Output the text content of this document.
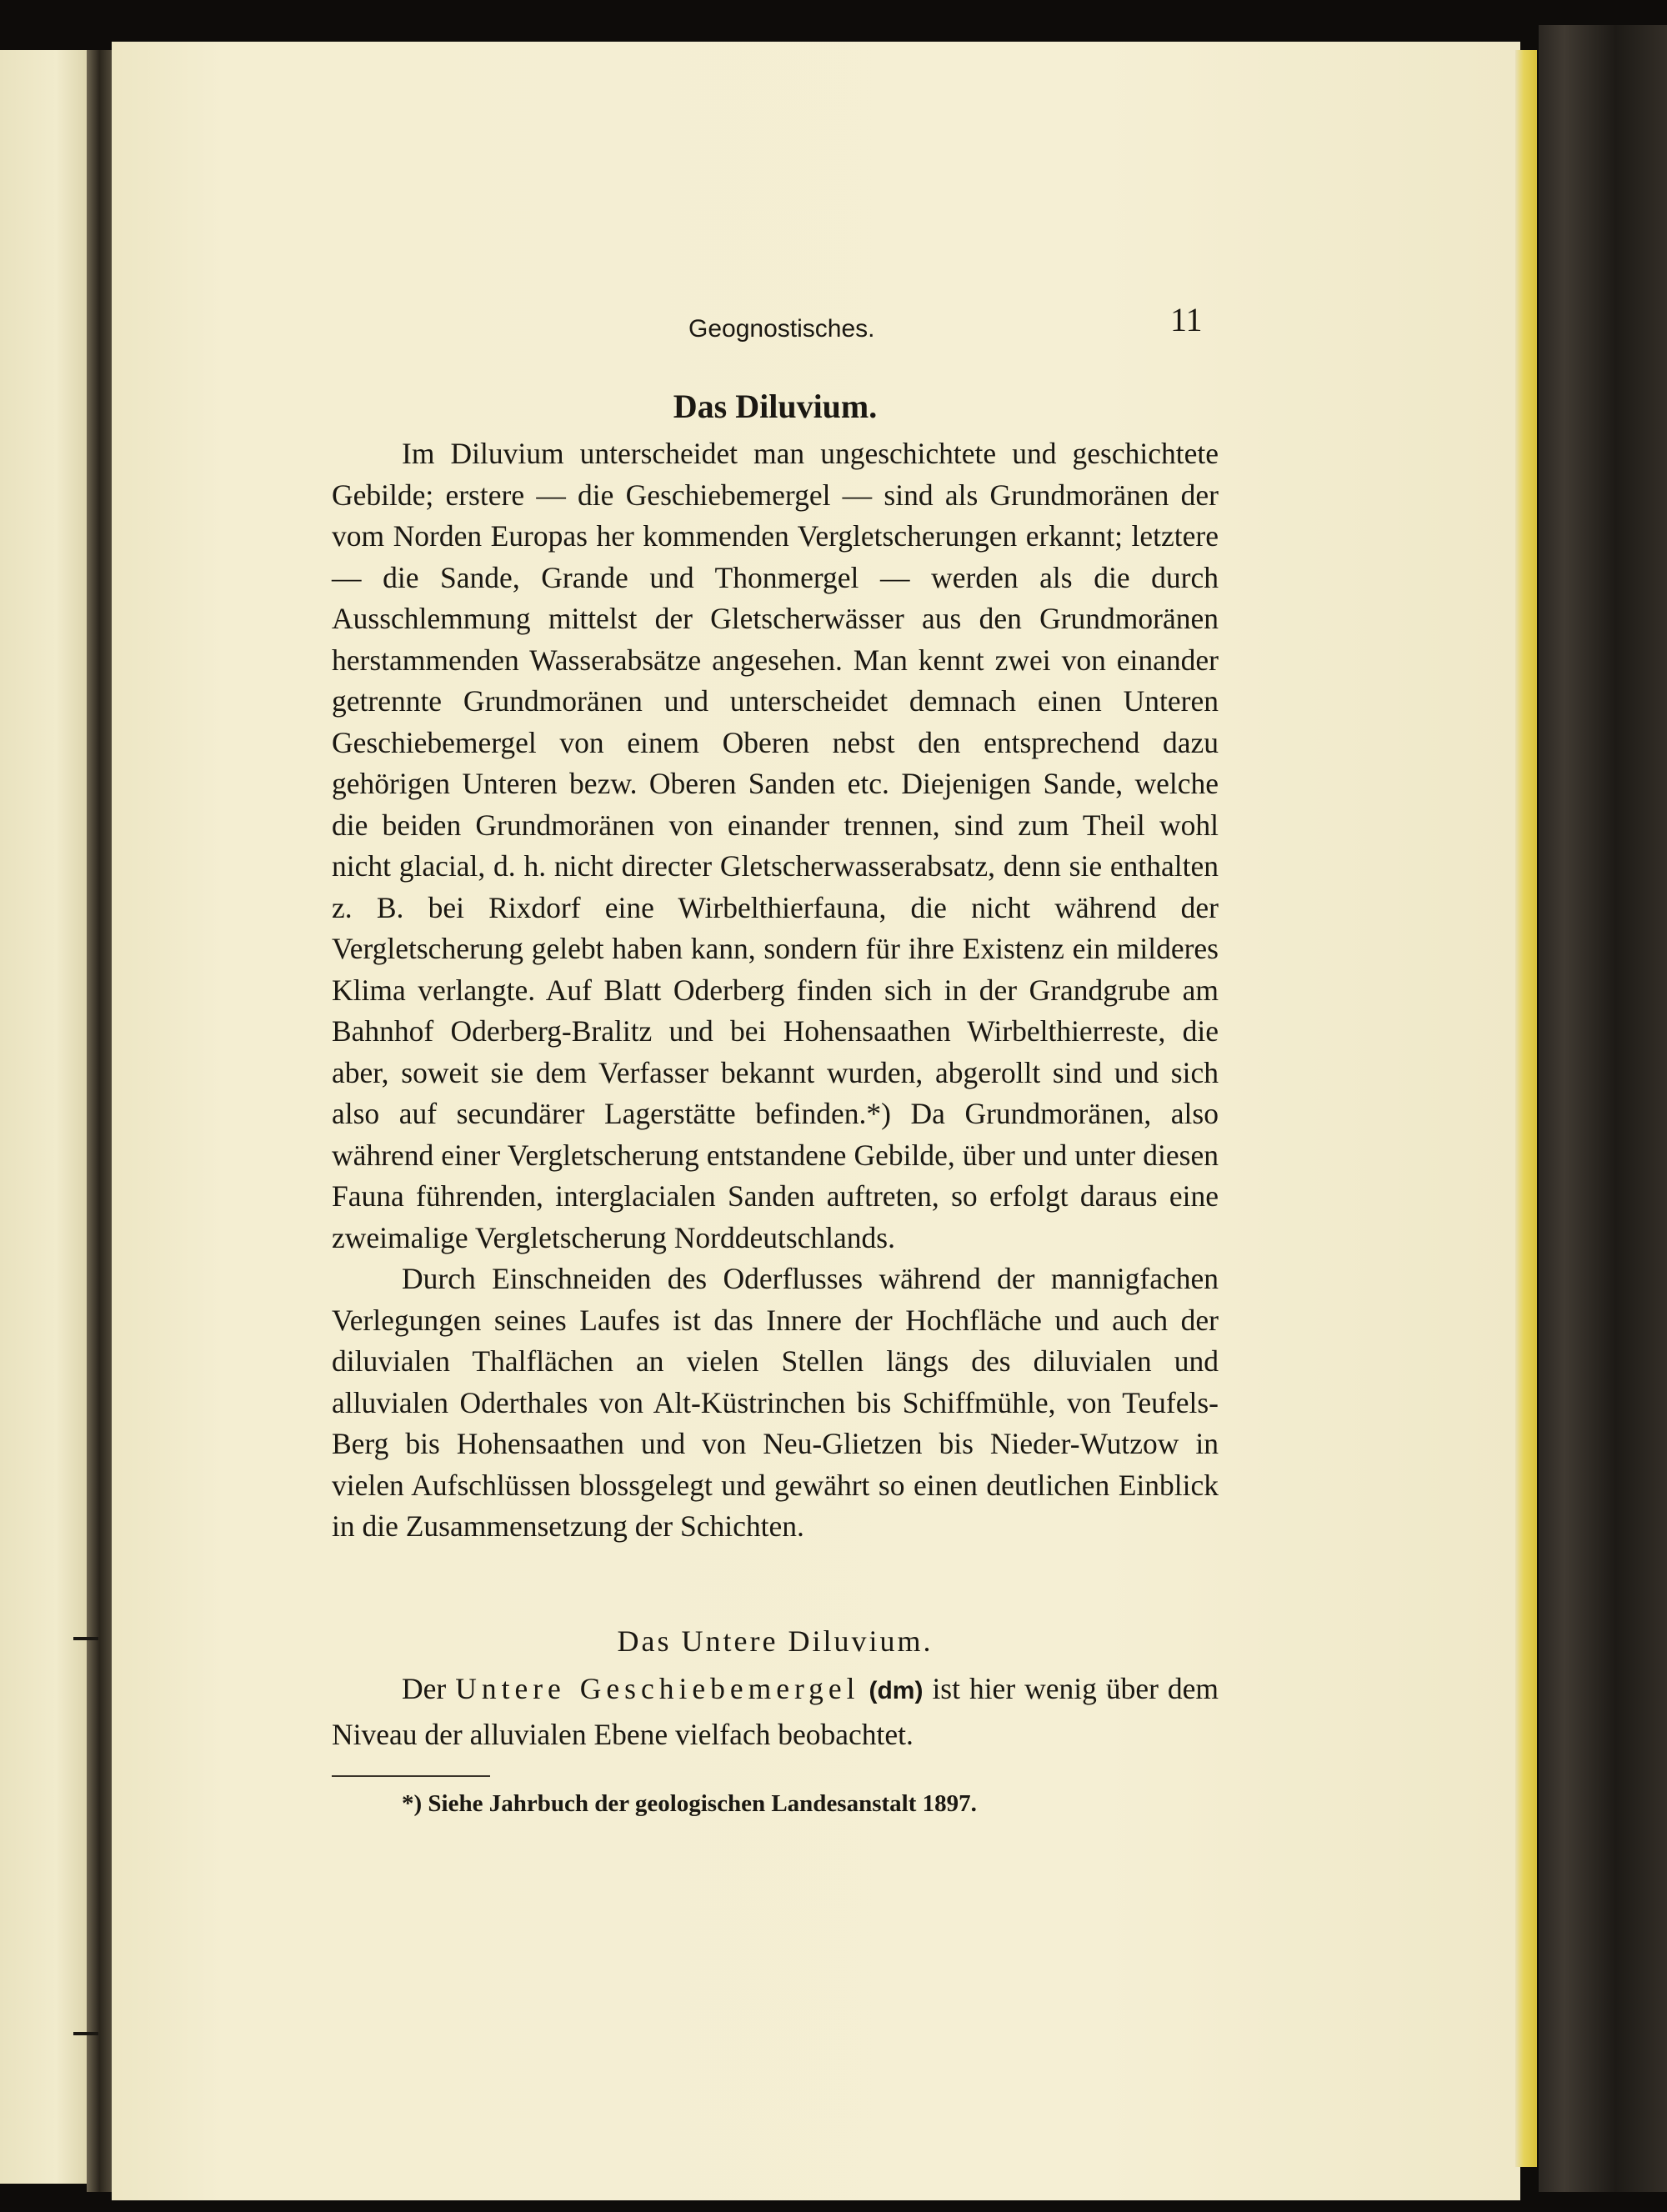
Geognostisches.	11
Das Diluvium.

Im Diluvium unterscheidet man ungeschichtete und geschichtete Gebilde; erstere — die Geschiebemergel — sind als Grundmoränen der vom Norden Europas her kommenden Vergletscherungen erkannt; letztere — die Sande, Grande und Thonmergel — werden als die durch Ausschlemmung mittelst der Gletscherwässer aus den Grundmoränen herstammenden Wasserabsätze angesehen. Man kennt zwei von einander getrennte Grundmoränen und unterscheidet demnach einen Unteren Geschiebemergel von einem Oberen nebst den entsprechend dazu gehörigen Unteren bezw. Oberen Sanden etc. Diejenigen Sande, welche die beiden Grundmoränen von einander trennen, sind zum Theil wohl nicht glacial, d. h. nicht directer Gletscherwasserabsatz, denn sie enthalten z. B. bei Rixdorf eine Wirbelthierfauna, die nicht während der Vergletscherung gelebt haben kann, sondern für ihre Existenz ein milderes Klima verlangte. Auf Blatt Oderberg finden sich in der Grandgrube am Bahnhof Oderberg-Bralitz und bei Hohensaathen Wirbelthierreste, die aber, soweit sie dem Verfasser bekannt wurden, abgerollt sind und sich also auf secundärer Lagerstätte befinden.*) Da Grundmoränen, also während einer Vergletscherung entstandene Gebilde, über und unter diesen Fauna führenden, interglacialen Sanden auftreten, so erfolgt daraus eine zweimalige Vergletscherung Norddeutschlands.

Durch Einschneiden des Oderflusses während der mannigfachen Verlegungen seines Laufes ist das Innere der Hochfläche und auch der diluvialen Thalflächen an vielen Stellen längs des diluvialen und alluvialen Oderthales von Alt-Küstrinchen bis Schiffmühle, von Teufels-Berg bis Hohensaathen und von Neu-Glietzen bis Nieder-Wutzow in vielen Aufschlüssen blossgelegt und gewährt so einen deutlichen Einblick in die Zusammensetzung der Schichten.

Das Untere Diluvium.

Der Untere Geschiebemergel (dm) ist hier wenig über dem Niveau der alluvialen Ebene vielfach beobachtet.

*) Siehe Jahrbuch der geologischen Landesanstalt 1897.
